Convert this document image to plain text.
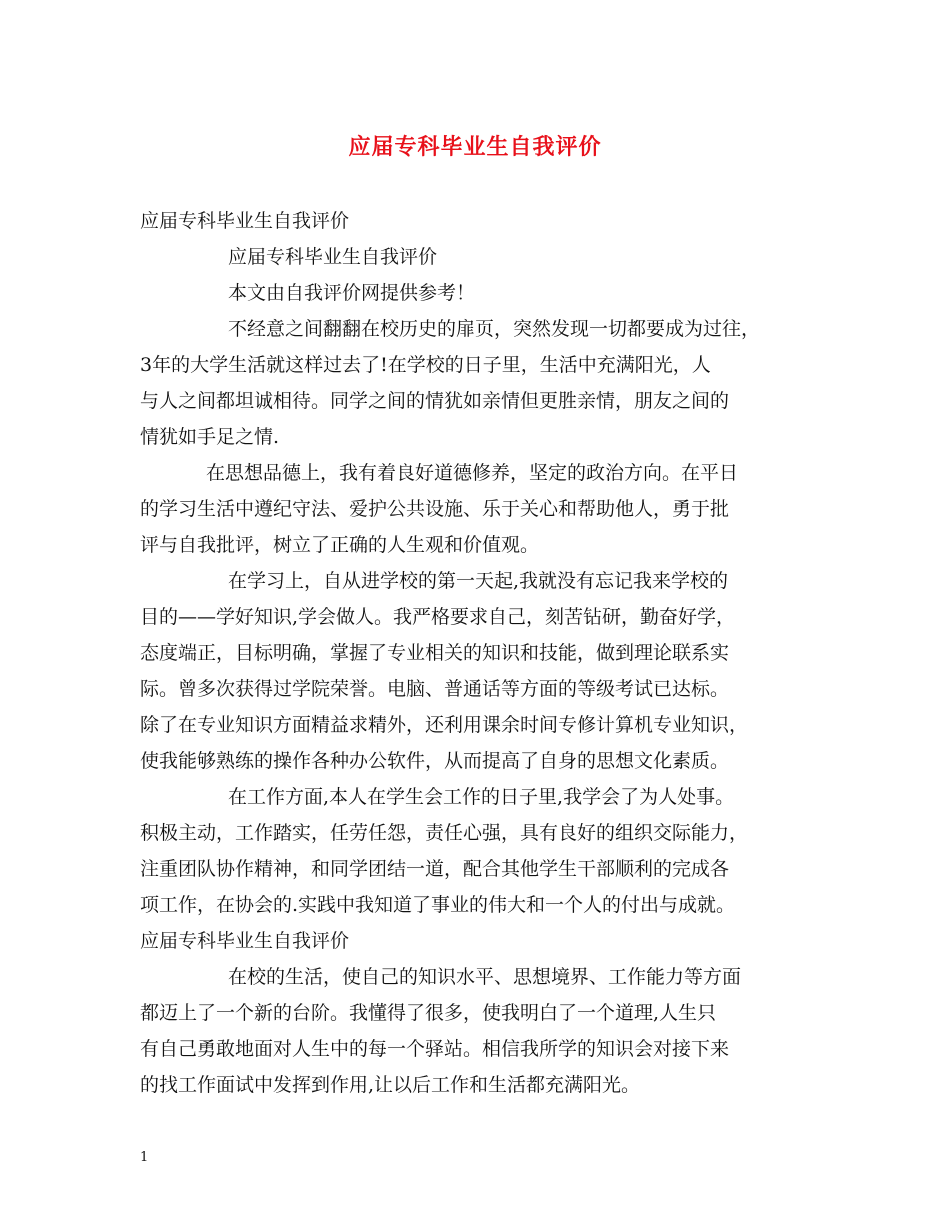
应届专科毕业生自我评价
应届专科毕业生自我评价
应届专科毕业生自我评价
本文由自我评价网提供参考！
不经意之间翻翻在校历史的扉页，突然发现一切都要成为过往，
3年的大学生活就这样过去了!在学校的日子里，生活中充满阳光，人
与人之间都坦诚相待。同学之间的情犹如亲情但更胜亲情，朋友之间的
情犹如手足之情.
在思想品德上，我有着良好道德修养，坚定的政治方向。在平日
的学习生活中遵纪守法、爱护公共设施、乐于关心和帮助他人，勇于批
评与自我批评，树立了正确的人生观和价值观。
在学习上，自从进学校的第一天起,我就没有忘记我来学校的
目的——学好知识,学会做人。我严格要求自己，刻苦钻研，勤奋好学，
态度端正，目标明确，掌握了专业相关的知识和技能，做到理论联系实
际。曾多次获得过学院荣誉。电脑、普通话等方面的等级考试已达标。
除了在专业知识方面精益求精外，还利用课余时间专修计算机专业知识，
使我能够熟练的操作各种办公软件，从而提高了自身的思想文化素质。
在工作方面,本人在学生会工作的日子里,我学会了为人处事。
积极主动，工作踏实，任劳任怨，责任心强，具有良好的组织交际能力，
注重团队协作精神，和同学团结一道，配合其他学生干部顺利的完成各
项工作，在协会的.实践中我知道了事业的伟大和一个人的付出与成就。
应届专科毕业生自我评价
在校的生活，使自己的知识水平、思想境界、工作能力等方面
都迈上了一个新的台阶。我懂得了很多，使我明白了一个道理,人生只
有自己勇敢地面对人生中的每一个驿站。相信我所学的知识会对接下来
的找工作面试中发挥到作用,让以后工作和生活都充满阳光。
1
